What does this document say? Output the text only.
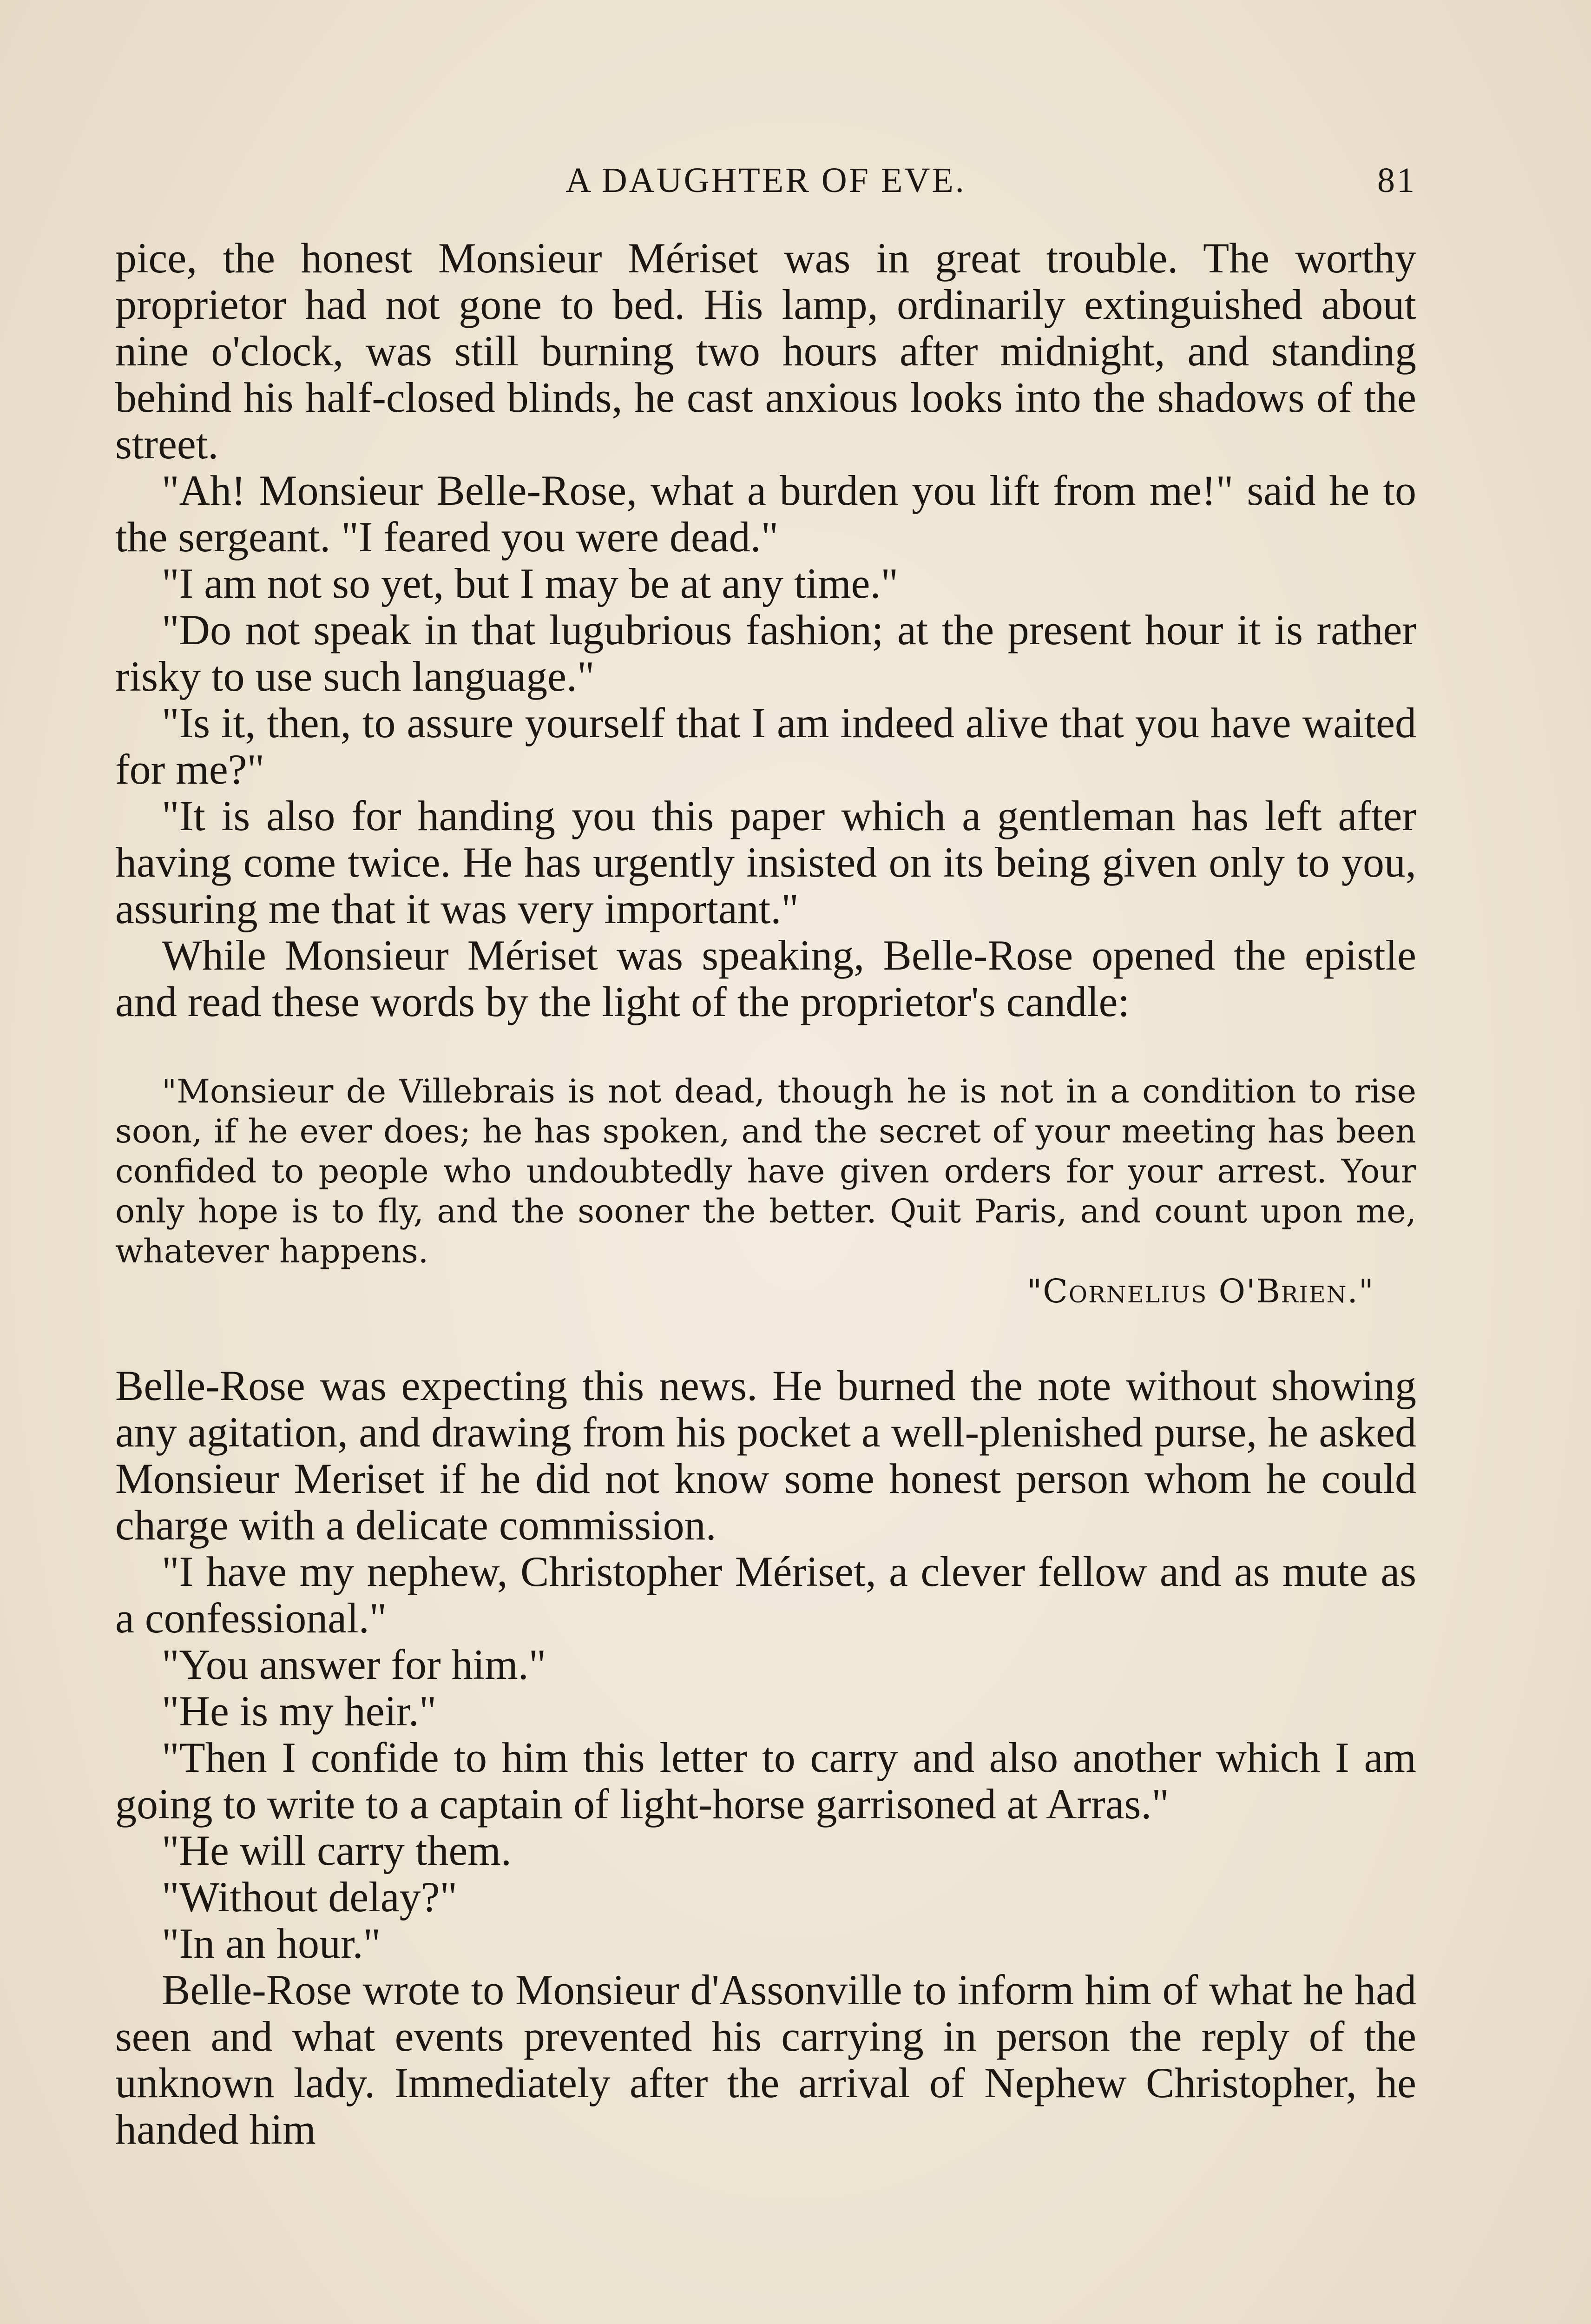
A DAUGHTER OF EVE.	81

pice, the honest Monsieur Mériset was in great trouble. The worthy proprietor had not gone to bed. His lamp, ordinarily extinguished about nine o'clock, was still burning two hours after midnight, and standing behind his half-closed blinds, he cast anxious looks into the shadows of the street.

"Ah! Monsieur Belle-Rose, what a burden you lift from me!" said he to the sergeant. "I feared you were dead."

"I am not so yet, but I may be at any time."

"Do not speak in that lugubrious fashion; at the present hour it is rather risky to use such language."

"Is it, then, to assure yourself that I am indeed alive that you have waited for me?"

"It is also for handing you this paper which a gentleman has left after having come twice. He has urgently insisted on its being given only to you, assuring me that it was very important."

While Monsieur Mériset was speaking, Belle-Rose opened the epistle and read these words by the light of the proprietor's candle:

"Monsieur de Villebrais is not dead, though he is not in a condition to rise soon, if he ever does; he has spoken, and the secret of your meeting has been confided to people who undoubtedly have given orders for your arrest. Your only hope is to fly, and the sooner the better. Quit Paris, and count upon me, whatever happens.

"Cornelius O'Brien."

Belle-Rose was expecting this news. He burned the note without showing any agitation, and drawing from his pocket a well-plenished purse, he asked Monsieur Meriset if he did not know some honest person whom he could charge with a delicate commission.

"I have my nephew, Christopher Mériset, a clever fellow and as mute as a confessional."

"You answer for him."

"He is my heir."

"Then I confide to him this letter to carry and also another which I am going to write to a captain of light-horse garrisoned at Arras."

"He will carry them.

"Without delay?"

"In an hour."

Belle-Rose wrote to Monsieur d'Assonville to inform him of what he had seen and what events prevented his carrying in person the reply of the unknown lady. Immediately after the arrival of Nephew Christopher, he handed him
